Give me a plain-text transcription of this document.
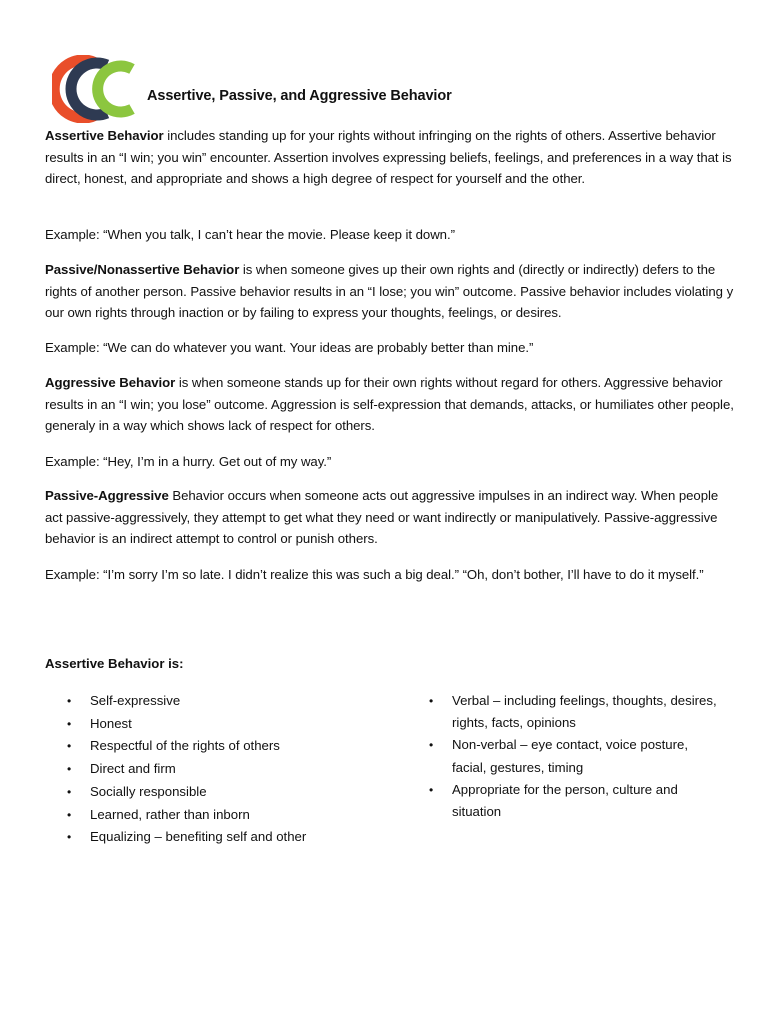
Assertive, Passive, and Aggressive Behavior
Assertive Behavior includes standing up for your rights without infringing on the rights of others. Assertive behavior results in an “I win; you win” encounter. Assertion involves expressing beliefs, feelings, and preferences in a way that is direct, honest, and appropriate and shows a high degree of respect for yourself and the other.
Example: “When you talk, I can’t hear the movie. Please keep it down.”
Passive/Nonassertive Behavior is when someone gives up their own rights and (directly or indirectly) defers to the rights of another person. Passive behavior results in an “I lose; you win” outcome. Passive behavior includes violating y our own rights through inaction or by failing to express your thoughts, feelings, or desires.
Example: “We can do whatever you want. Your ideas are probably better than mine.”
Aggressive Behavior is when someone stands up for their own rights without regard for others. Aggressive behavior results in an “I win; you lose” outcome. Aggression is self-expression that demands, attacks, or humiliates other people, generaly in a way which shows lack of respect for others.
Example: “Hey, I’m in a hurry. Get out of my way.”
Passive-Aggressive Behavior occurs when someone acts out aggressive impulses in an indirect way. When people act passive-aggressively, they attempt to get what they need or want indirectly or manipulatively. Passive-aggressive behavior is an indirect attempt to control or punish others.
Example: “I’m sorry I’m so late. I didn’t realize this was such a big deal.” “Oh, don’t bother, I’ll have to do it myself.”
Assertive Behavior is:
• Self-expressive
• Honest
• Respectful of the rights of others
• Direct and firm
• Socially responsible
• Learned, rather than inborn
• Equalizing – benefiting self and other
• Verbal – including feelings, thoughts, desires, rights, facts, opinions
• Non-verbal – eye contact, voice posture, facial, gestures, timing
• Appropriate for the person, culture and situation
